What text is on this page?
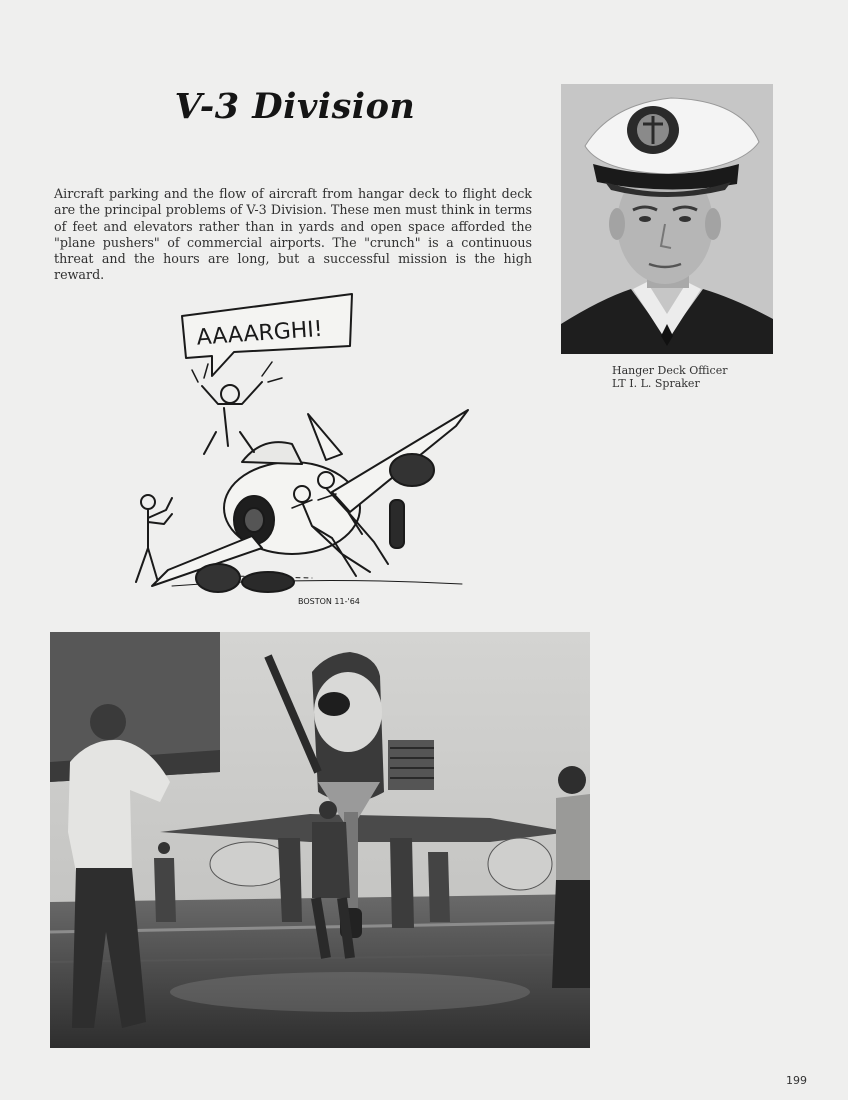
V-3 Division
Aircraft parking and the flow of aircraft from hangar deck to flight deck are the principal problems of V-3 Division. These men must think in terms of feet and elevators rather than in yards and open space afforded the "plane pushers" of commercial airports. The "crunch" is a continuous threat and the hours are long, but a successful mission is the high reward.
Hanger Deck Officer
LT I. L. Spraker
AAAARGHI!
BOSTON 11-'64
199
